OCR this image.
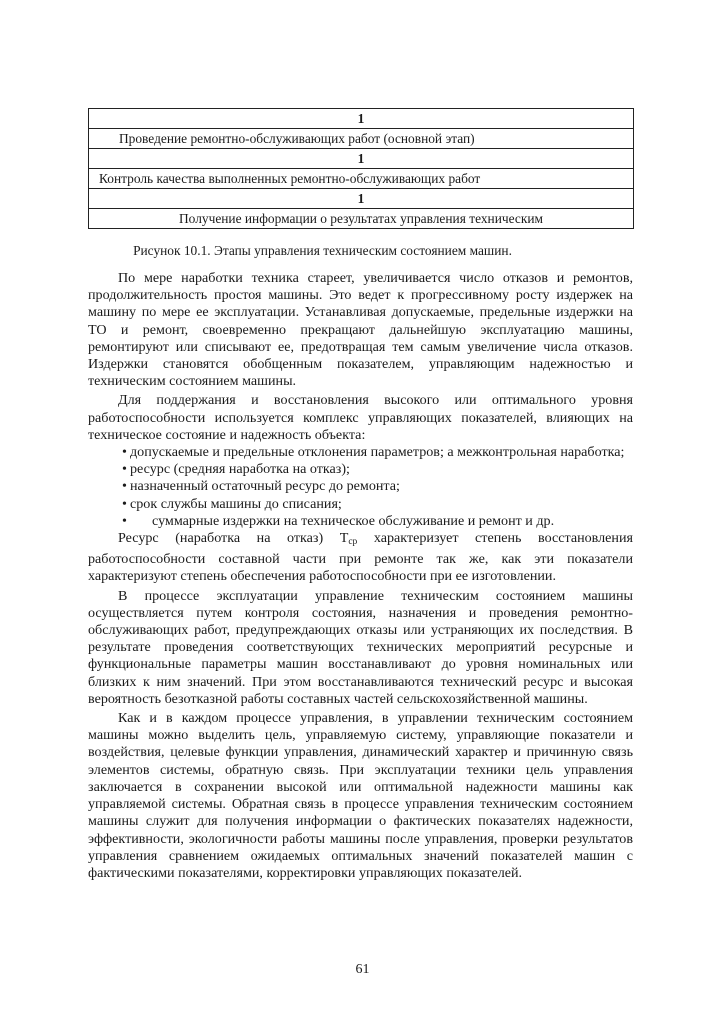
1
Проведение ремонтно-обслуживающих работ (основной этап)
1
Контроль качества выполненных ремонтно-обслуживающих работ
1
Получение информации о результатах управления техническим
Рисунок 10.1. Этапы управления техническим состоянием машин.

По мере наработки техника стареет, увеличивается число отказов и ремонтов, продолжительность простоя машины. Это ведет к прогрессивному росту издержек на машину по мере ее эксплуатации. Устанавливая допускаемые, предельные издержки на ТО и ремонт, своевременно прекращают дальнейшую эксплуатацию машины, ремонтируют или списывают ее, предотвращая тем самым увеличение числа отказов. Издержки становятся обобщенным показателем, управляющим надежностью и техническим состоянием машины.

Для поддержания и восстановления высокого или оптимального уровня работоспособности используется комплекс управляющих показателей, влияющих на техническое состояние и надежность объекта:

• допускаемые и предельные отклонения параметров; а межконтрольная наработка;
• ресурс (средняя наработка на отказ);
• назначенный остаточный ресурс до ремонта;
• срок службы машины до списания;
• суммарные издержки на техническое обслуживание и ремонт и др.

Ресурс (наработка на отказ) $Т_{ср}$ характеризует степень восстановления работоспособности составной части при ремонте так же, как эти показатели характеризуют степень обеспечения работоспособности при ее изготовлении.

В процессе эксплуатации управление техническим состоянием машины осуществляется путем контроля состояния, назначения и проведения ремонтно-обслуживающих работ, предупреждающих отказы или устраняющих их последствия. В результате проведения соответствующих технических мероприятий ресурсные и функциональные параметры машин восстанавливают до уровня номинальных или близких к ним значений. При этом восстанавливаются технический ресурс и высокая вероятность безотказной работы составных частей сельскохозяйственной машины.

Как и в каждом процессе управления, в управлении техническим состоянием машины можно выделить цель, управляемую систему, управляющие показатели и воздействия, целевые функции управления, динамический характер и причинную связь элементов системы, обратную связь. При эксплуатации техники цель управления заключается в сохранении высокой или оптимальной надежности машины как управляемой системы. Обратная связь в процессе управления техническим состоянием машины служит для получения информации о фактических показателях надежности, эффективности, экологичности работы машины после управления, проверки результатов управления сравнением ожидаемых оптимальных значений показателей машин с фактическими показателями, корректировки управляющих показателей.

61
